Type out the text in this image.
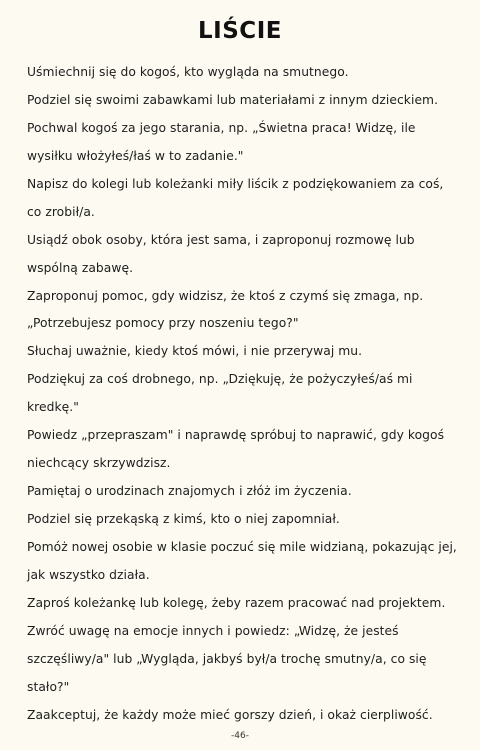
LIŚCIE
Uśmiechnij się do kogoś, kto wygląda na smutnego.
Podziel się swoimi zabawkami lub materiałami z innym dzieckiem.
Pochwal kogoś za jego starania, np. „Świetna praca! Widzę, ile
wysiłku włożyłeś/łaś w to zadanie."
Napisz do kolegi lub koleżanki miły liścik z podziękowaniem za coś,
co zrobił/a.
Usiądź obok osoby, która jest sama, i zaproponuj rozmowę lub
wspólną zabawę.
Zaproponuj pomoc, gdy widzisz, że ktoś z czymś się zmaga, np.
„Potrzebujesz pomocy przy noszeniu tego?"
Słuchaj uważnie, kiedy ktoś mówi, i nie przerywaj mu.
Podziękuj za coś drobnego, np. „Dziękuję, że pożyczyłeś/aś mi
kredkę."
Powiedz „przepraszam" i naprawdę spróbuj to naprawić, gdy kogoś
niechcący skrzywdzisz.
Pamiętaj o urodzinach znajomych i złóż im życzenia.
Podziel się przekąską z kimś, kto o niej zapomniał.
Pomóż nowej osobie w klasie poczuć się mile widzianą, pokazując jej,
jak wszystko działa.
Zaproś koleżankę lub kolegę, żeby razem pracować nad projektem.
Zwróć uwagę na emocje innych i powiedz: „Widzę, że jesteś
szczęśliwy/a" lub „Wygląda, jakbyś był/a trochę smutny/a, co się
stało?"
Zaakceptuj, że każdy może mieć gorszy dzień, i okaż cierpliwość.
-46-
